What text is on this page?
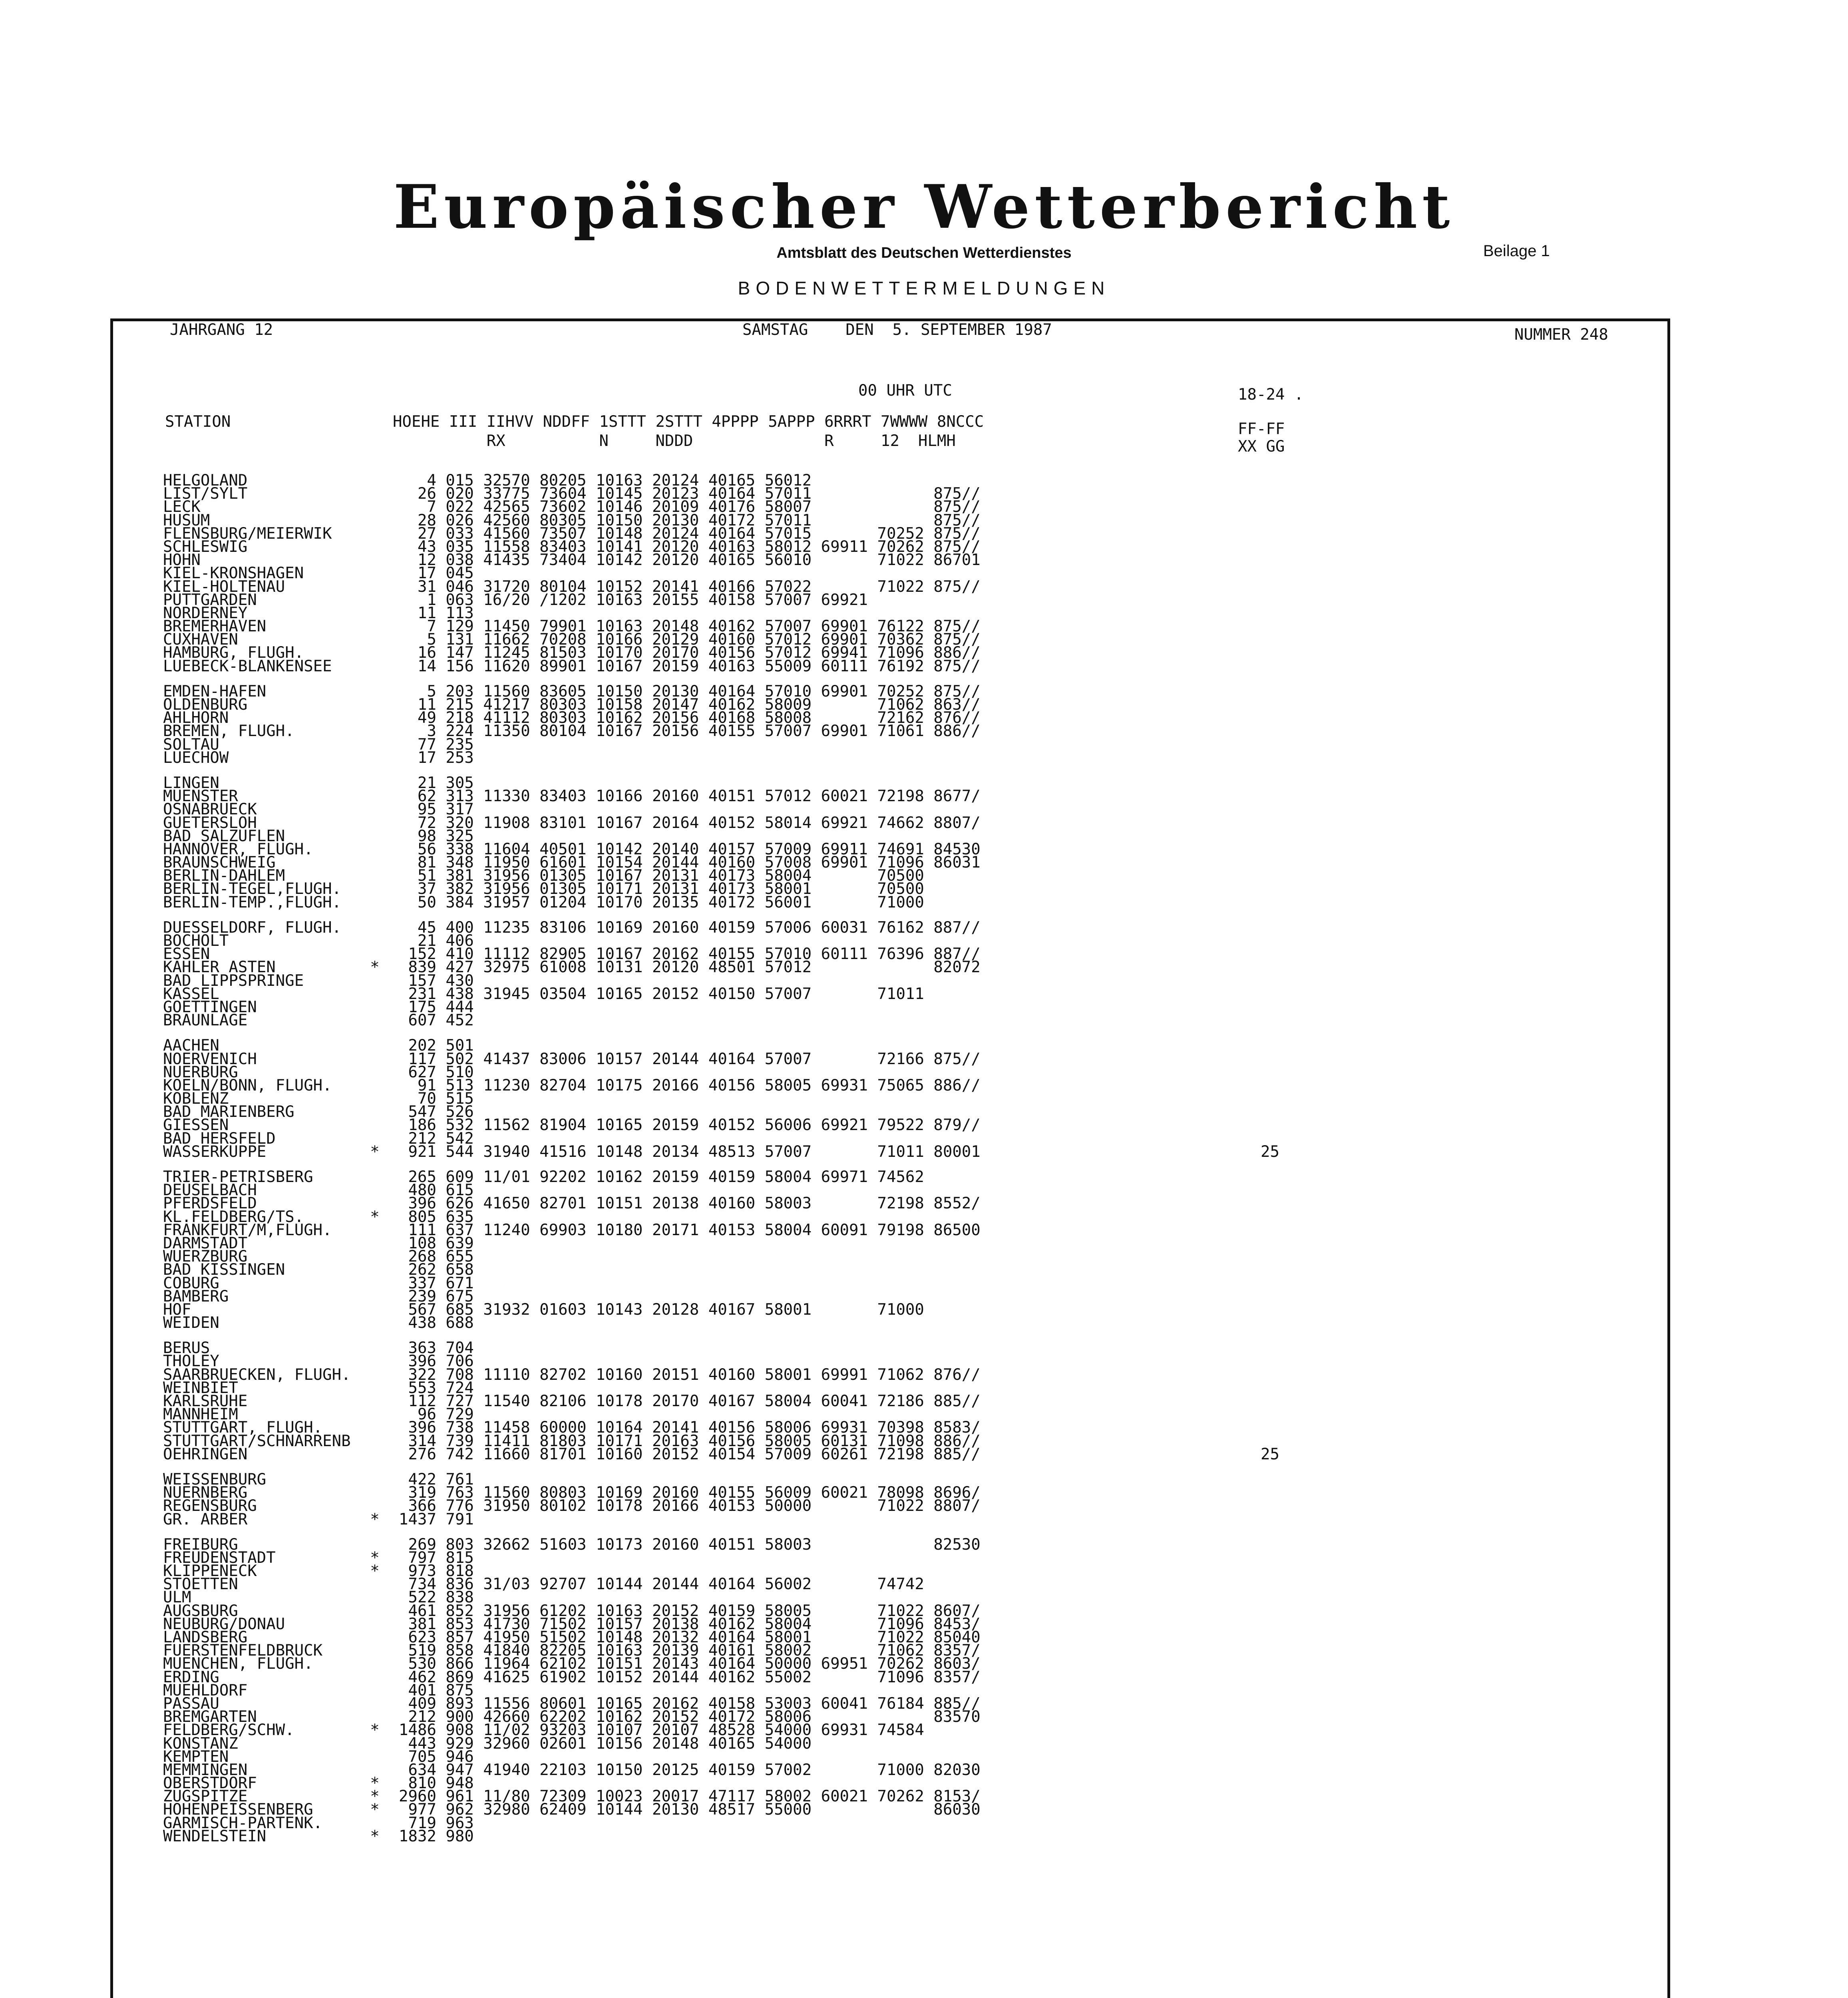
Europäischer Wetterbericht
Amtsblatt des Deutschen Wetterdienstes	Beilage 1
BODENWETTERMELDUNGEN
JAHRGANG 12	SAMSTAG    DEN  5. SEPTEMBER 1987	NUMMER 248
00 UHR UTC	18-24 .
STATION	HOEHE III IIHVV NDDFF 1STTT 2STTT 4PPPP 5APPP 6RRRT 7WWWW 8NCCC
RX          N     NDDD              R     12  HLMH
FF-FF
XX GG
HELGOLAND	4 015 32570 80205 10163 20124 40165 56012
LIST/SYLT	26 020 33775 73604 10145 20123 40164 57011             875//
LECK	7 022 42565 73602 10146 20109 40176 58007             875//
HUSUM	28 026 42560 80305 10150 20130 40172 57011             875//
FLENSBURG/MEIERWIK	27 033 41560 73507 10148 20124 40164 57015       70252 875//
SCHLESWIG	43 035 11558 83403 10141 20120 40163 58012 69911 70262 875//
HOHN	12 038 41435 73404 10142 20120 40165 56010       71022 86701
KIEL-KRONSHAGEN	17 045
KIEL-HOLTENAU	31 046 31720 80104 10152 20141 40166 57022       71022 875//
PUTTGARDEN	1 063 16/20 /1202 10163 20155 40158 57007 69921
NORDERNEY	11 113
BREMERHAVEN	7 129 11450 79901 10163 20148 40162 57007 69901 76122 875//
CUXHAVEN	5 131 11662 70208 10166 20129 40160 57012 69901 70362 875//
HAMBURG, FLUGH.	16 147 11245 81503 10170 20170 40156 57012 69941 71096 886//
LUEBECK-BLANKENSEE	14 156 11620 89901 10167 20159 40163 55009 60111 76192 875//
EMDEN-HAFEN	5 203 11560 83605 10150 20130 40164 57010 69901 70252 875//
OLDENBURG	11 215 41217 80303 10158 20147 40162 58009       71062 863//
AHLHORN	49 218 41112 80303 10162 20156 40168 58008       72162 876//
BREMEN, FLUGH.	3 224 11350 80104 10167 20156 40155 57007 69901 71061 886//
SOLTAU	77 235
LUECHOW	17 253
LINGEN	21 305
MUENSTER	62 313 11330 83403 10166 20160 40151 57012 60021 72198 8677/
OSNABRUECK	95 317
GUETERSLOH	72 320 11908 83101 10167 20164 40152 58014 69921 74662 8807/
BAD SALZUFLEN	98 325
HANNOVER, FLUGH.	56 338 11604 40501 10142 20140 40157 57009 69911 74691 84530
BRAUNSCHWEIG	81 348 11950 61601 10154 20144 40160 57008 69901 71096 86031
BERLIN-DAHLEM	51 381 31956 01305 10167 20131 40173 58004       70500
BERLIN-TEGEL,FLUGH.	37 382 31956 01305 10171 20131 40173 58001       70500
BERLIN-TEMP.,FLUGH.	50 384 31957 01204 10170 20135 40172 56001       71000
DUESSELDORF, FLUGH.	45 400 11235 83106 10169 20160 40159 57006 60031 76162 887//
BOCHOLT	21 406
ESSEN	152 410 11112 82905 10167 20162 40155 57010 60111 76396 887//
KAHLER ASTEN	* 839 427 32975 61008 10131 20120 48501 57012             82072
BAD LIPPSPRINGE	157 430
KASSEL	231 438 31945 03504 10165 20152 40150 57007       71011
GOETTINGEN	175 444
BRAUNLAGE	607 452
AACHEN	202 501
NOERVENICH	117 502 41437 83006 10157 20144 40164 57007       72166 875//
NUERBURG	627 510
KOELN/BONN, FLUGH.	91 513 11230 82704 10175 20166 40156 58005 69931 75065 886//
KOBLENZ	70 515
BAD MARIENBERG	547 526
GIESSEN	186 532 11562 81904 10165 20159 40152 56006 69921 79522 879//
BAD HERSFELD	212 542
WASSERKUPPE	* 921 544 31940 41516 10148 20134 48513 57007       71011 80001	25
TRIER-PETRISBERG	265 609 11/01 92202 10162 20159 40159 58004 69971 74562
DEUSELBACH	480 615
PFERDSFELD	396 626 41650 82701 10151 20138 40160 58003       72198 8552/
KL.FELDBERG/TS.	* 805 635
FRANKFURT/M,FLUGH.	111 637 11240 69903 10180 20171 40153 58004 60091 79198 86500
DARMSTADT	108 639
WUERZBURG	268 655
BAD KISSINGEN	262 658
COBURG	337 671
BAMBERG	239 675
HOF	567 685 31932 01603 10143 20128 40167 58001       71000
WEIDEN	438 688
BERUS	363 704
THOLEY	396 706
SAARBRUECKEN, FLUGH.	322 708 11110 82702 10160 20151 40160 58001 69991 71062 876//
WEINBIET	553 724
KARLSRUHE	112 727 11540 82106 10178 20170 40167 58004 60041 72186 885//
MANNHEIM	96 729
STUTTGART, FLUGH.	396 738 11458 60000 10164 20141 40156 58006 69931 70398 8583/
STUTTGART/SCHNARRENB	314 739 11411 81803 10171 20163 40156 58005 60131 71098 886//
OEHRINGEN	276 742 11660 81701 10160 20152 40154 57009 60261 72198 885//	25
WEISSENBURG	422 761
NUERNBERG	319 763 11560 80803 10169 20160 40155 56009 60021 78098 8696/
REGENSBURG	366 776 31950 80102 10178 20166 40153 50000       71022 8807/
GR. ARBER	* 1437 791
FREIBURG	269 803 32662 51603 10173 20160 40151 58003             82530
FREUDENSTADT	* 797 815
KLIPPENECK	* 973 818
STOETTEN	734 836 31/03 92707 10144 20144 40164 56002       74742
ULM	522 838
AUGSBURG	461 852 31956 61202 10163 20152 40159 58005       71022 8607/
NEUBURG/DONAU	381 853 41730 71502 10157 20138 40162 58004       71096 8453/
LANDSBERG	623 857 41950 51502 10148 20132 40164 58001       71022 85040
FUERSTENFELDBRUCK	519 858 41840 82205 10163 20139 40161 58002       71062 8357/
MUENCHEN, FLUGH.	530 866 11964 62102 10151 20143 40164 50000 69951 70262 8603/
ERDING	462 869 41625 61902 10152 20144 40162 55002       71096 8357/
MUEHLDORF	401 875
PASSAU	409 893 11556 80601 10165 20162 40158 53003 60041 76184 885//
BREMGARTEN	212 900 42660 62202 10162 20152 40172 58006             83570
FELDBERG/SCHW.	* 1486 908 11/02 93203 10107 20107 48528 54000 69931 74584
KONSTANZ	443 929 32960 02601 10156 20148 40165 54000
KEMPTEN	705 946
MEMMINGEN	634 947 41940 22103 10150 20125 40159 57002       71000 82030
OBERSTDORF	* 810 948
ZUGSPITZE	* 2960 961 11/80 72309 10023 20017 47117 58002 60021 70262 8153/
HOHENPEISSENBERG	* 977 962 32980 62409 10144 20130 48517 55000             86030
GARMISCH-PARTENK.	719 963
WENDELSTEIN	* 1832 980
